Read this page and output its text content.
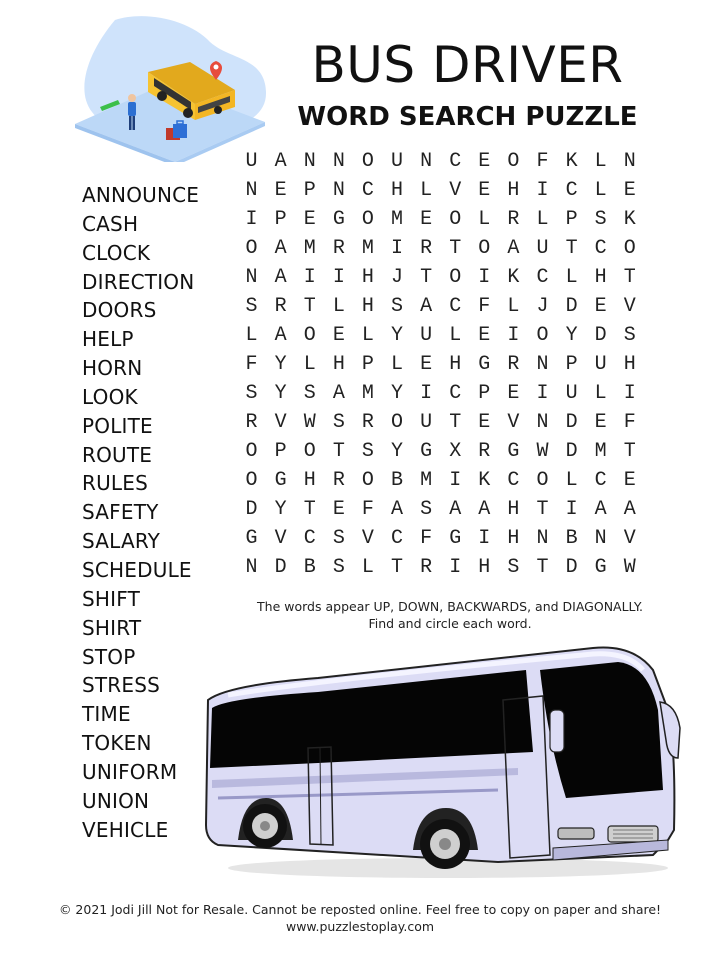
BUS DRIVER
WORD SEARCH PUZZLE
ANNOUNCE
CASH
CLOCK
DIRECTION
DOORS
HELP
HORN
LOOK
POLITE
ROUTE
RULES
SAFETY
SALARY
SCHEDULE
SHIFT
SHIRT
STOP
STRESS
TIME
TOKEN
UNIFORM
UNION
VEHICLE
U A N N O U N C E O F K L N
N E P N C H L V E H I C L E
I P E G O M E O L R L P S K
O A M R M I R T O A U T C O
N A I I H J T O I K C L H T
S R T L H S A C F L J D E V
L A O E L Y U L E I O Y D S
F Y L H P L E H G R N P U H
S Y S A M Y I C P E I U L I
R V W S R O U T E V N D E F
O P O T S Y G X R G W D M T
O G H R O B M I K C O L C E
D Y T E F A S A A H T I A A
G V C S V C F G I H N B N V
N D B S L T R I H S T D G W
The words appear UP, DOWN, BACKWARDS, and DIAGONALLY.
Find and circle each word.
© 2021 Jodi Jill Not for Resale. Cannot be reposted online. Feel free to copy on paper and share!
www.puzzlestoplay.com
